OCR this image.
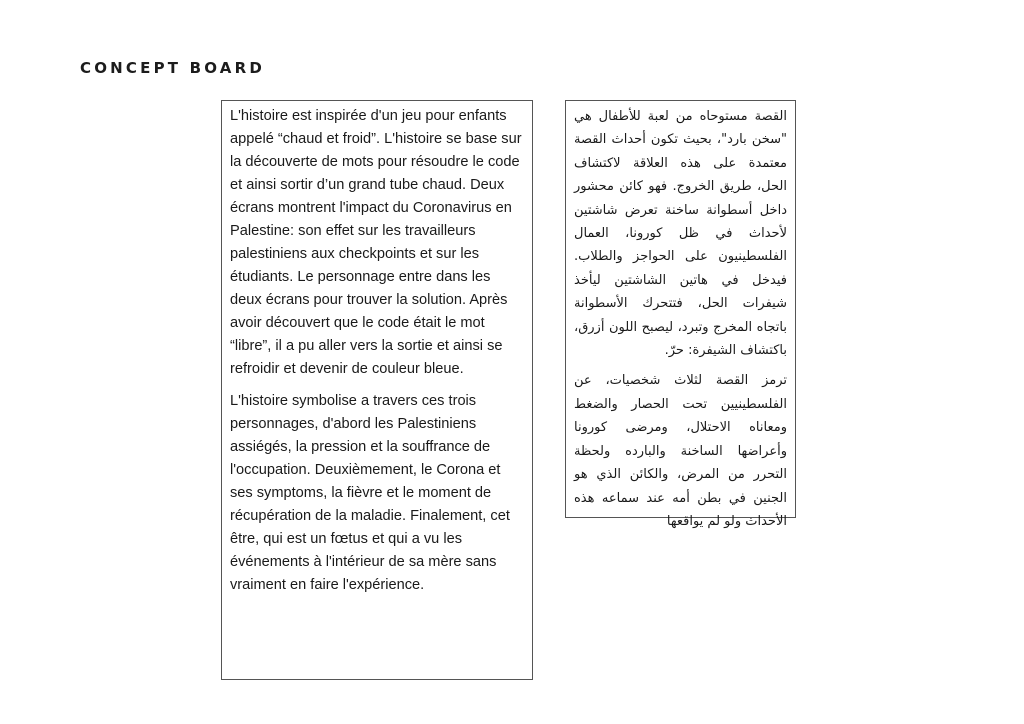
CONCEPT BOARD

L'histoire est inspirée d'un jeu pour enfants appelé “chaud et froid”. L'histoire se base sur la découverte de mots pour résoudre le code et ainsi sortir d’un grand tube chaud. Deux écrans montrent l'impact du Coronavirus en Palestine: son effet sur les travailleurs palestiniens aux checkpoints et sur les étudiants. Le personnage entre dans les deux écrans pour trouver la solution. Après avoir découvert que le code était le mot “libre”, il a pu aller vers la sortie et ainsi se refroidir et devenir de couleur bleue.

L'histoire symbolise a travers ces trois personnages, d'abord les Palestiniens assiégés, la pression et la souffrance de l'occupation. Deuxièmement, le Corona et ses symptoms, la fièvre et le moment de récupération de la maladie. Finalement, cet être, qui est un fœtus et qui a vu les événements à l'intérieur de sa mère sans vraiment en faire l'expérience.

القصة مستوحاه من لعبة للأطفال هي "سخن بارد"، بحيث تكون أحداث القصة معتمدة على هذه العلاقة لاكتشاف الحل، طريق الخروج. فهو كائن محشور داخل أسطوانة ساخنة تعرض شاشتين لأحداث في ظل كورونا، العمال الفلسطينيون على الحواجز والطلاب. فيدخل في هاتين الشاشتين ليأخذ شيفرات الحل، فتتحرك الأسطوانة باتجاه المخرج وتبرد، ليصبح اللون أزرق، باكتشاف الشيفرة: حرّ.

ترمز القصة لثلاث شخصيات، عن الفلسطينيين تحت الحصار والضغط ومعاناه الاحتلال، ومرضى كورونا وأعراضها الساخنة والبارده ولحظة التحرر من المرض، والكائن الذي هو الجنين في بطن أمه عند سماعه هذه الأحداث ولو لم يواقعها
